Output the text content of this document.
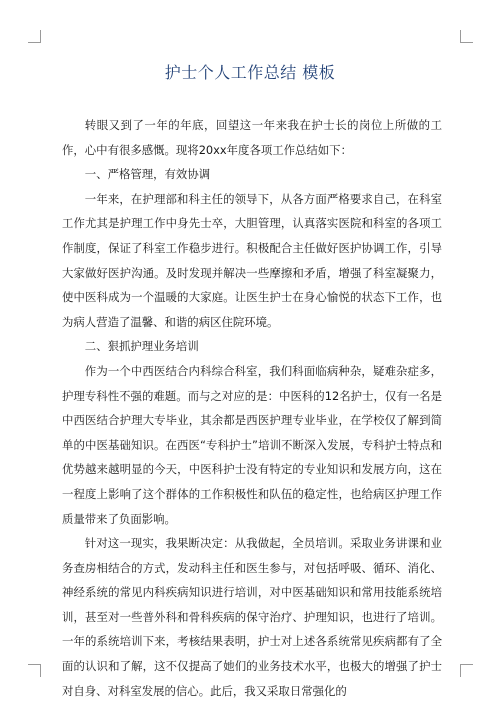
护士个人工作总结 模板

转眼又到了一年的年底，回望这一年来我在护士长的岗位上所做的工作，心中有很多感慨。现将20xx年度各项工作总结如下：

一、严格管理，有效协调

一年来，在护理部和科主任的领导下，从各方面严格要求自己，在科室工作尤其是护理工作中身先士卒，大胆管理，认真落实医院和科室的各项工作制度，保证了科室工作稳步进行。积极配合主任做好医护协调工作，引导大家做好医护沟通。及时发现并解决一些摩擦和矛盾，增强了科室凝聚力，使中医科成为一个温暖的大家庭。让医生护士在身心愉悦的状态下工作，也为病人营造了温馨、和谐的病区住院环境。

二、狠抓护理业务培训

作为一个中西医结合内科综合科室，我们科面临病种杂，疑难杂症多，护理专科性不强的难题。而与之对应的是：中医科的12名护士，仅有一名是中西医结合护理大专毕业，其余都是西医护理专业毕业，在学校仅了解到简单的中医基础知识。在西医“专科护士”培训不断深入发展，专科护士特点和优势越来越明显的今天，中医科护士没有特定的专业知识和发展方向，这在一程度上影响了这个群体的工作积极性和队伍的稳定性，也给病区护理工作质量带来了负面影响。

针对这一现实，我果断决定：从我做起，全员培训。采取业务讲课和业务查房相结合的方式，发动科主任和医生参与，对包括呼吸、循环、消化、神经系统的常见内科疾病知识进行培训，对中医基础知识和常用技能系统培训，甚至对一些普外科和骨科疾病的保守治疗、护理知识，也进行了培训。一年的系统培训下来，考核结果表明，护士对上述各系统常见疾病都有了全面的认识和了解，这不仅提高了她们的业务技术水平，也极大的增强了护士对自身、对科室发展的信心。此后，我又采取日常强化的
